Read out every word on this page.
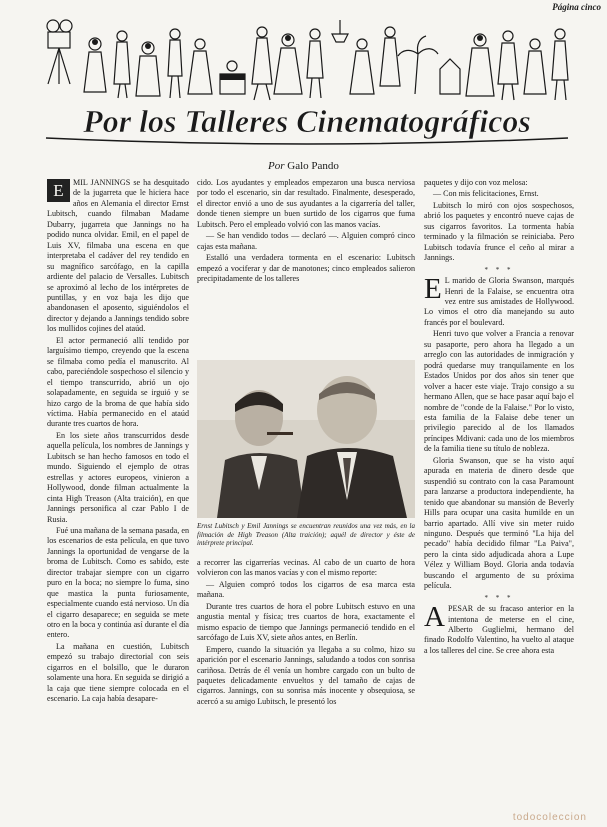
Página cinco
Por los Talleres Cinematográficos
Por Galo Pando

E	MIL JANNINGS se ha desquitado de la jugarreta que le hiciera hace años en Alemania el director Ernst Lubitsch, cuando filmaban Madame Dubarry, jugarreta que Jannings no ha podido nunca olvidar. Emil, en el papel de Luis XV, filmaba una escena en que interpretaba el cadáver del rey tendido en su magnífico sarcófago, en la capilla ardiente del palacio de Versalles. Lubitsch se aproximó al lecho de los intérpretes de puntillas, y en voz baja les dijo que abandonasen el aposento, siguiéndolos el director y dejando a Jannings tendido sobre los mullidos cojines del ataúd.

El actor permaneció allí tendido por larguísimo tiempo, creyendo que la escena se filmaba como pedía el manuscrito. Al cabo, pareciéndole sospechoso el silencio y el tiempo transcurrido, abrió un ojo solapadamente, en seguida se irguió y se hizo cargo de la broma de que había sido víctima. Había permanecido en el ataúd durante tres cuartos de hora.

En los siete años transcurridos desde aquella película, los nombres de Jannings y Lubitsch se han hecho famosos en todo el mundo. Siguiendo el ejemplo de otras estrellas y actores europeos, vinieron a Hollywood, donde filman actualmente la cinta High Treason (Alta traición), en que Jannings personifica al czar Pablo I de Rusia.

Fué una mañana de la semana pasada, en los escenarios de esta película, en que tuvo Jannings la oportunidad de vengarse de la broma de Lubitsch. Como es sabido, este director trabajar siempre con un cigarro puro en la boca; no siempre lo fuma, sino que mastica la punta furiosamente, especialmente cuando está nervioso. Un día el cigarro desaparece; en seguida se mete otro en la boca y continúa así durante el día entero.

La mañana en cuestión, Lubitsch empezó su trabajo directorial con seis cigarros en el bolsillo, que le duraron solamente una hora. En seguida se dirigió a la caja que tiene siempre colocada en el escenario. La caja había desapare-

cido. Los ayudantes y empleados empezaron una busca nerviosa por todo el escenario, sin dar resultado. Finalmente, desesperado, el director envió a uno de sus ayudantes a la cigarrería del taller, donde tienen siempre un buen surtido de los cigarros que fuma Lubitsch. Pero el empleado volvió con las manos vacías.

— Se han vendido todos — declaró —. Alguien compró cinco cajas esta mañana.

Estalló una verdadera tormenta en el escenario: Lubitsch empezó a vociferar y dar de manotones; cinco empleados salieron precipitadamente de los talleres

Ernst Lubitsch y Emil Jannings se encuentran reunidos una vez más, en la filmación de High Treason (Alta traición); aquél de director y éste de intérprete principal.

a recorrer las cigarrerías vecinas. Al cabo de un cuarto de hora volvieron con las manos vacías y con el mismo reporte:

— Alguien compró todos los cigarros de esa marca esta mañana.

Durante tres cuartos de hora el pobre Lubitsch estuvo en una angustia mental y física; tres cuartos de hora, exactamente el mismo espacio de tiempo que Jannings permaneció tendido en el sarcófago de Luis XV, siete años antes, en Berlín.

Empero, cuando la situación ya llegaba a su colmo, hizo su aparición por el escenario Jannings, saludando a todos con sonrisa cariñosa. Detrás de él venía un hombre cargado con un bulto de paquetes delicadamente envueltos y del tamaño de cajas de cigarros. Jannings, con su sonrisa más inocente y obsequiosa, se acercó a su amigo Lubitsch, le presentó los

paquetes y dijo con voz melosa:

— Con mis felicitaciones, Ernst.

Lubitsch lo miró con ojos sospechosos, abrió los paquetes y encontró nueve cajas de sus cigarros favoritos. La tormenta había terminado y la filmación se reiniciaba. Pero Lubitsch todavía frunce el ceño al mirar a Jannings.

* * *

E L marido de Gloria Swanson, marqués Henri de la Falaise, se encuentra otra vez entre sus amistades de Hollywood. Lo vimos el otro día manejando su auto francés por el boulevard.

Henri tuvo que volver a Francia a renovar su pasaporte, pero ahora ha llegado a un arreglo con las autoridades de inmigración y podrá quedarse muy tranquilamente en los Estados Unidos por dos años sin tener que volver a hacer este viaje. Trajo consigo a su hermano Allen, que se hace pasar aquí bajo el nombre de "conde de la Falaise." Por lo visto, esta familia de la Falaise debe tener un privilegio parecido al de los llamados príncipes Mdivani: cada uno de los miembros de la familia tiene su título de nobleza.

Gloria Swanson, que se ha visto aquí apurada en materia de dinero desde que suspendió su contrato con la casa Paramount para lanzarse a productora independiente, ha tenido que abandonar su mansión de Beverly Hills para ocupar una casita humilde en un barrio apartado. Allí vive sin meter ruido ninguno. Después que terminó "La hija del pecado" había decidido filmar "La Paiva", pero la cinta sido adjudicada ahora a Lupe Vélez y William Boyd. Gloria anda todavía buscando el argumento de su próxima película.

* * *

APESAR de su fracaso anterior en la intentona de meterse en el cine, Alberto Guglielmi, hermano del finado Rodolfo Valentino, ha vuelto al ataque a los talleres del cine. Se cree ahora esta

todocoleccion
